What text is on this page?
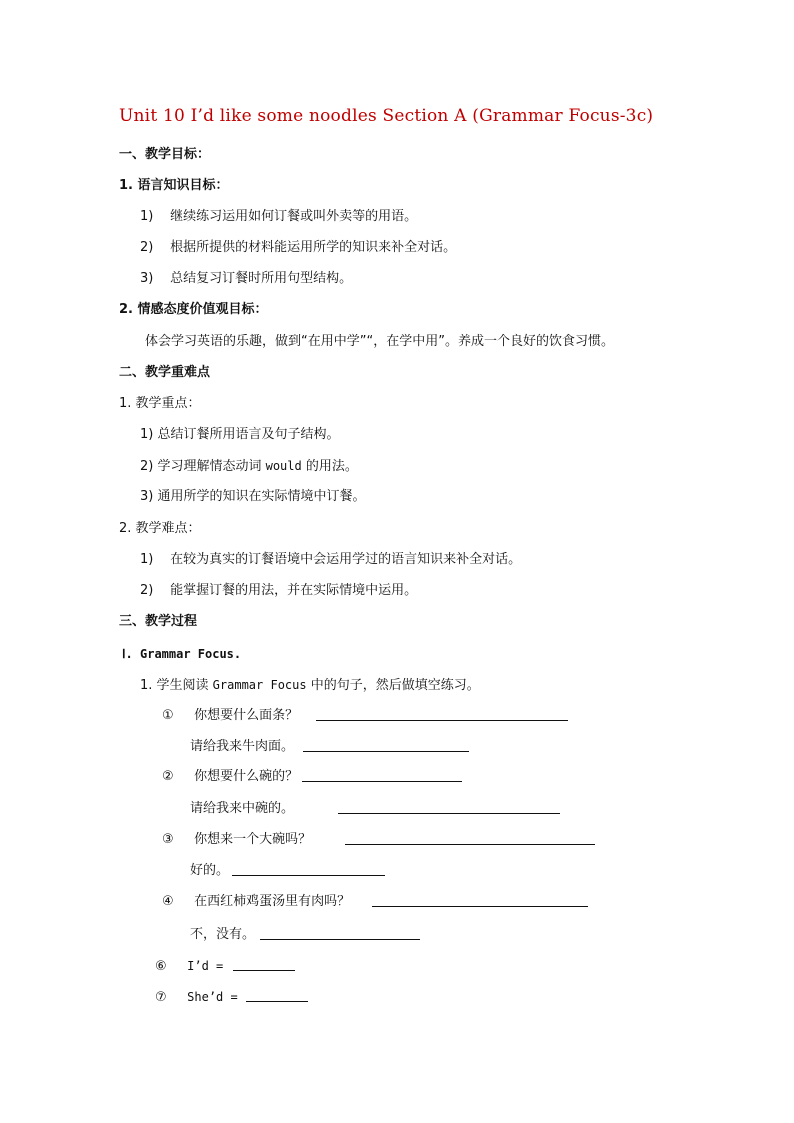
Unit 10 I’d like some noodles Section A (Grammar Focus-3c)
一、教学目标：
1. 语言知识目标：
1) 继续练习运用如何订餐或叫外卖等的用语。
2) 根据所提供的材料能运用所学的知识来补全对话。
3) 总结复习订餐时所用句型结构。
2. 情感态度价值观目标：
体会学习英语的乐趣，做到“在用中学”“，在学中用”。养成一个良好的饮食习惯。
二、教学重难点
1. 教学重点：
1) 总结订餐所用语言及句子结构。
2) 学习理解情态动词 would 的用法。
3) 通用所学的知识在实际情境中订餐。
2. 教学难点：
1) 在较为真实的订餐语境中会运用学过的语言知识来补全对话。
2) 能掌握订餐的用法，并在实际情境中运用。
三、教学过程
Ⅰ. Grammar Focus.
1. 学生阅读 Grammar Focus 中的句子，然后做填空练习。
① 你想要什么面条？
请给我来牛肉面。
② 你想要什么碗的？
请给我来中碗的。
③ 你想来一个大碗吗？
好的。
④ 在西红柿鸡蛋汤里有肉吗？
不，没有。
⑥ I’d =
⑦ She’d =
